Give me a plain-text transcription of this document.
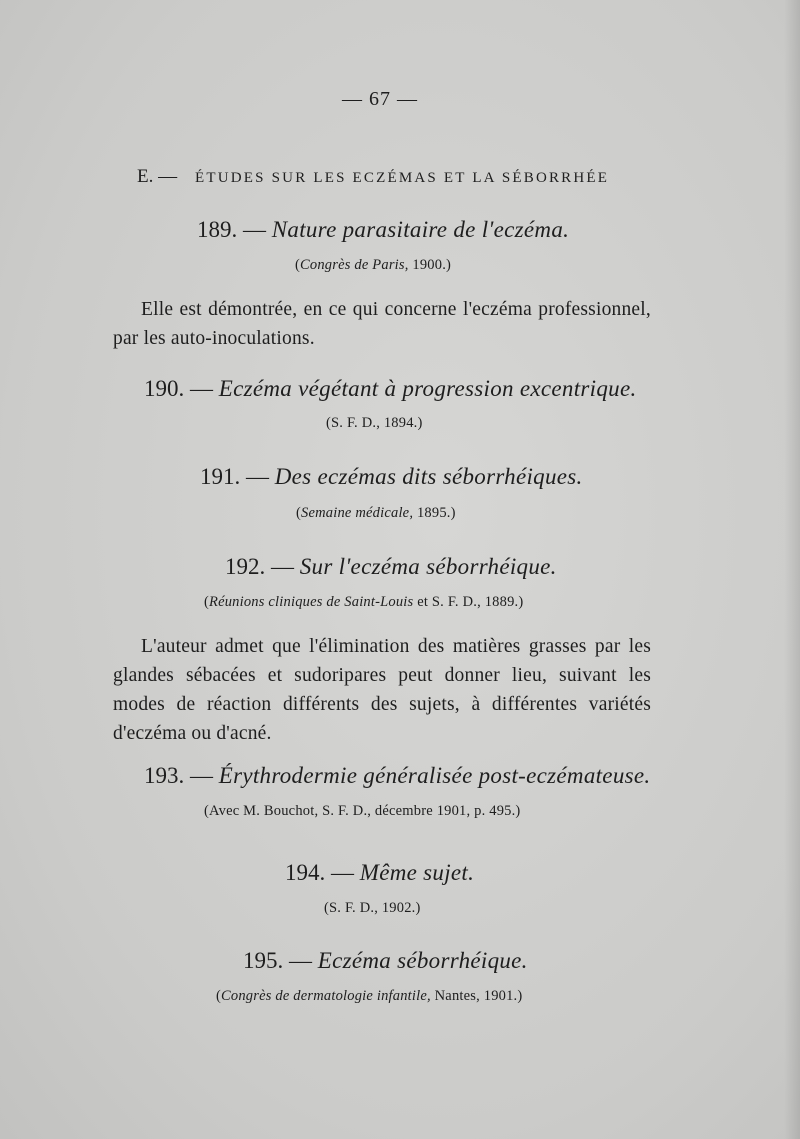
— 67 —
E. — ÉTUDES SUR LES ECZÉMAS ET LA SÉBORRHÉE
189. — Nature parasitaire de l'eczéma.
(Congrès de Paris, 1900.)
Elle est démontrée, en ce qui concerne l'eczéma professionnel, par les auto-inoculations.
190. — Eczéma végétant à progression excentrique.
(S. F. D., 1894.)
191. — Des eczémas dits séborrhéiques.
(Semaine médicale, 1895.)
192. — Sur l'eczéma séborrhéique.
(Réunions cliniques de Saint-Louis et S. F. D., 1889.)
L'auteur admet que l'élimination des matières grasses par les glandes sébacées et sudoripares peut donner lieu, suivant les modes de réaction différents des sujets, à différentes variétés d'eczéma ou d'acné.
193. — Érythrodermie généralisée post-eczémateuse.
(Avec M. Bouchot, S. F. D., décembre 1901, p. 495.)
194. — Même sujet.
(S. F. D., 1902.)
195. — Eczéma séborrhéique.
(Congrès de dermatologie infantile, Nantes, 1901.)
